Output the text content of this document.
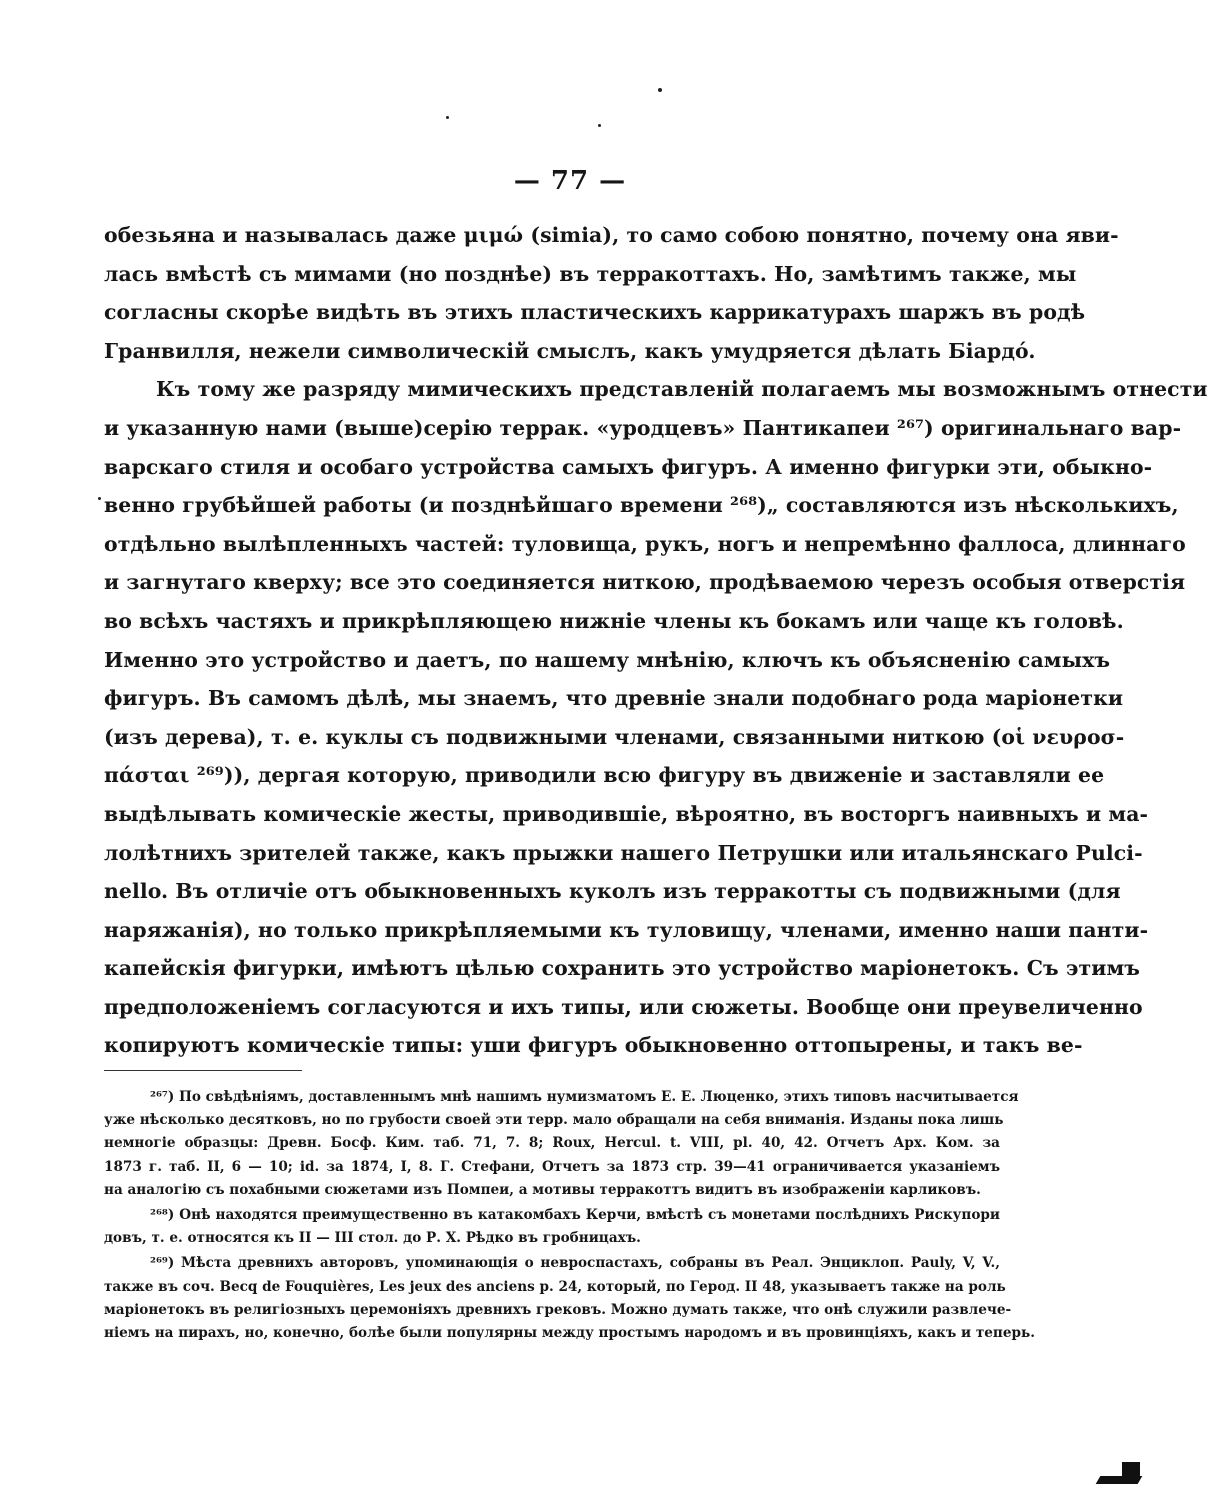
— 77 —
обезьяна и называлась даже μιμώ (simia), то само собою понятно, почему она яви-
лась вмѣстѣ съ мимами (но позднѣе) въ терракоттахъ. Но, замѣтимъ также, мы
согласны скорѣе видѣть въ этихъ пластическихъ каррикатурахъ шаржъ въ родѣ
Гранвилля, нежели символическій смыслъ, какъ умудряется дѣлать Біардó.
Къ тому же разряду мимическихъ представленій полагаемъ мы возможнымъ отнести
и указанную нами (выше)серію террак. «уродцевъ» Пантикапеи ²⁶⁷) оригинальнаго вар-
варскаго стиля и особаго устройства самыхъ фигуръ. А именно фигурки эти, обыкно-
венно грубѣйшей работы (и позднѣйшаго времени ²⁶⁸)„ составляются изъ нѣсколькихъ,
отдѣльно вылѣпленныхъ частей: туловища, рукъ, ногъ и непремѣнно фаллоса, длиннаго
и загнутаго кверху; все это соединяется ниткою, продѣваемою черезъ особыя отверстія
во всѣхъ частяхъ и прикрѣпляющею нижніе члены къ бокамъ или чаще къ головѣ.
Именно это устройство и даетъ, по нашему мнѣнію, ключъ къ объясненію самыхъ
фигуръ. Въ самомъ дѣлѣ, мы знаемъ, что древніе знали подобнаго рода маріонетки
(изъ дерева), т. е. куклы съ подвижными членами, связанными ниткою (οἱ νευροσ-
πάσται ²⁶⁹)), дергая которую, приводили всю фигуру въ движеніе и заставляли ее
выдѣлывать комическіе жесты, приводившіе, вѣроятно, въ восторгъ наивныхъ и ма-
лолѣтнихъ зрителей также, какъ прыжки нашего Петрушки или итальянскаго Pulci-
nello. Въ отличіе отъ обыкновенныхъ куколъ изъ терракотты съ подвижными (для
наряжанія), но только прикрѣпляемыми къ туловищу, членами, именно наши панти-
капейскія фигурки, имѣютъ цѣлью сохранить это устройство маріонетокъ. Съ этимъ
предположеніемъ согласуются и ихъ типы, или сюжеты. Вообще они преувеличенно
копируютъ комическіе типы: уши фигуръ обыкновенно оттопырены, и такъ ве-
²⁶⁷) По свѣдѣніямъ, доставленнымъ мнѣ нашимъ нумизматомъ Е. Е. Люценко, этихъ типовъ насчитывается
уже нѣсколько десятковъ, но по грубости своей эти терр. мало обращали на себя вниманія. Изданы пока лишь
немногіе образцы: Древн. Босф. Ким. таб. 71, 7. 8; Roux, Hercul. t. VIII, pl. 40, 42. Отчетъ Арх. Ком. за
1873 г. таб. II, 6 — 10; id. за 1874, I, 8. Г. Стефани, Отчетъ за 1873 стр. 39—41 ограничивается указаніемъ
на аналогію съ похабными сюжетами изъ Помпеи, а мотивы терракоттъ видитъ въ изображеніи карликовъ.
²⁶⁸) Онѣ находятся преимущественно въ катакомбахъ Керчи, вмѣстѣ съ монетами послѣднихъ Рискупори
довъ, т. е. относятся къ II — III стол. до Р. Х. Рѣдко въ гробницахъ.
²⁶⁹) Мѣста древнихъ авторовъ, упоминающія о невроспастахъ, собраны въ Реал. Энциклоп. Pauly, V, V.,
также въ соч. Becq de Fouquières, Les jeux des anciens p. 24, который, по Герод. II 48, указываетъ также на роль
маріонетокъ въ религіозныхъ церемоніяхъ древнихъ грековъ. Можно думать также, что онѣ служили развлече-
ніемъ на пирахъ, но, конечно, болѣе были популярны между простымъ народомъ и въ провинціяхъ, какъ и теперь.
